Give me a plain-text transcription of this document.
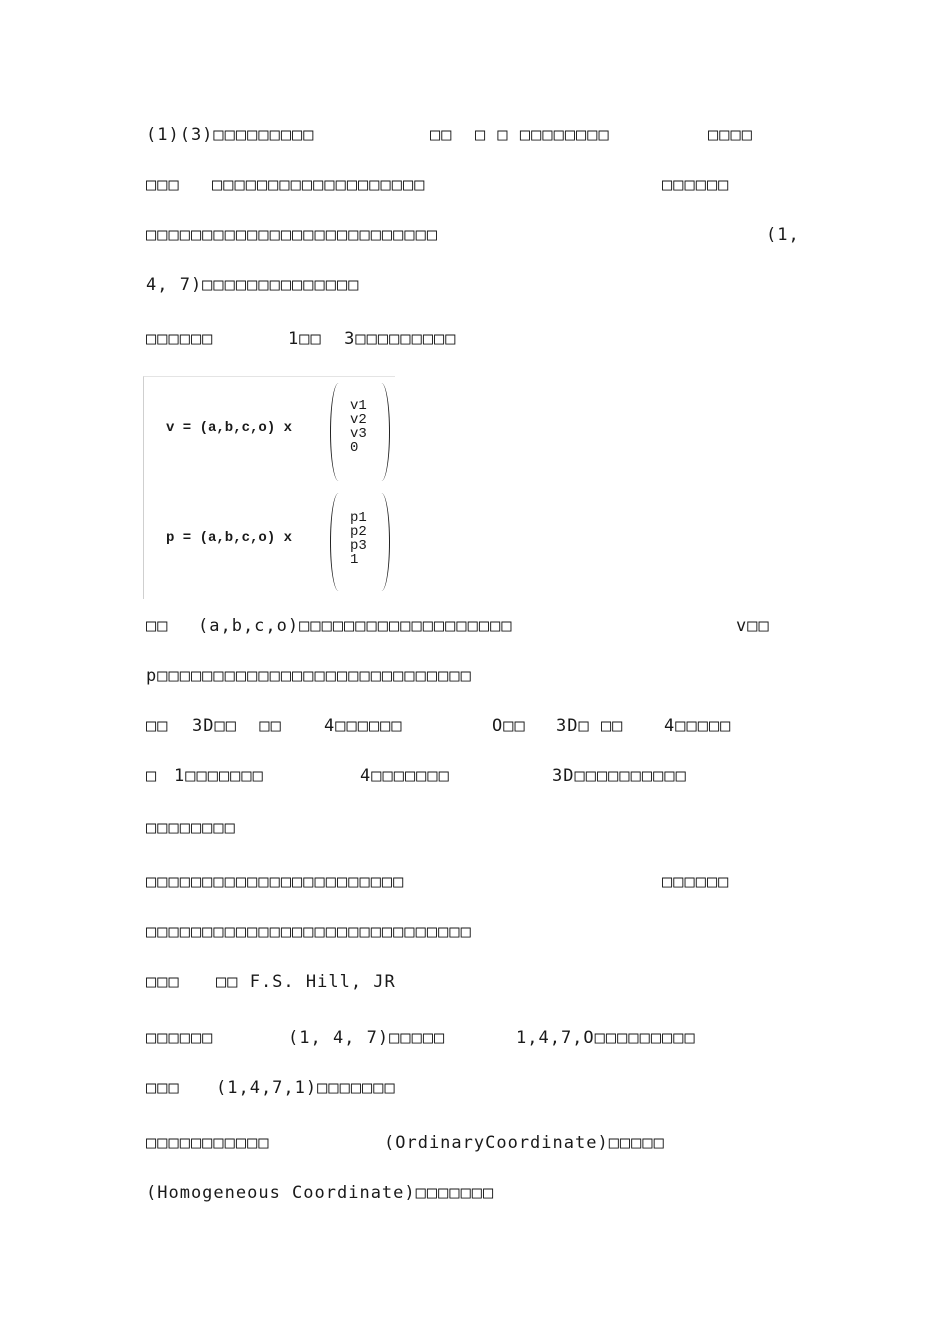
(1)(3)□□□□□□□□□	□□  □ □ □□□□□□□□	□□□□
□□□ □□□□□□□□□□□□□□□□□□□	□□□□□□
□□□□□□□□□□□□□□□□□□□□□□□□□□	(1,
4, 7)□□□□□□□□□□□□□□
□□□□□□	1□□  3□□□□□□□□□
v = (a,b,c,o) x
v1
v2
v3
0
p = (a,b,c,o) x
p1
p2
p3
1
□□ (a,b,c,o)□□□□□□□□□□□□□□□□□□□	v□□
p□□□□□□□□□□□□□□□□□□□□□□□□□□□□
□□ 3D□□  □□ 4□□□□□□	O□□ 3D□ □□ 4□□□□□
□ 1□□□□□□□	4□□□□□□□	3D□□□□□□□□□□
□□□□□□□□
□□□□□□□□□□□□□□□□□□□□□□□	□□□□□□
□□□□□□□□□□□□□□□□□□□□□□□□□□□□□
□□□ □□ F.S. Hill, JR
□□□□□□	(1, 4, 7)□□□□□	1,4,7,O□□□□□□□□□
□□□ (1,4,7,1)□□□□□□□
□□□□□□□□□□□	(OrdinaryCoordinate)□□□□□
(Homogeneous Coordinate)□□□□□□□
